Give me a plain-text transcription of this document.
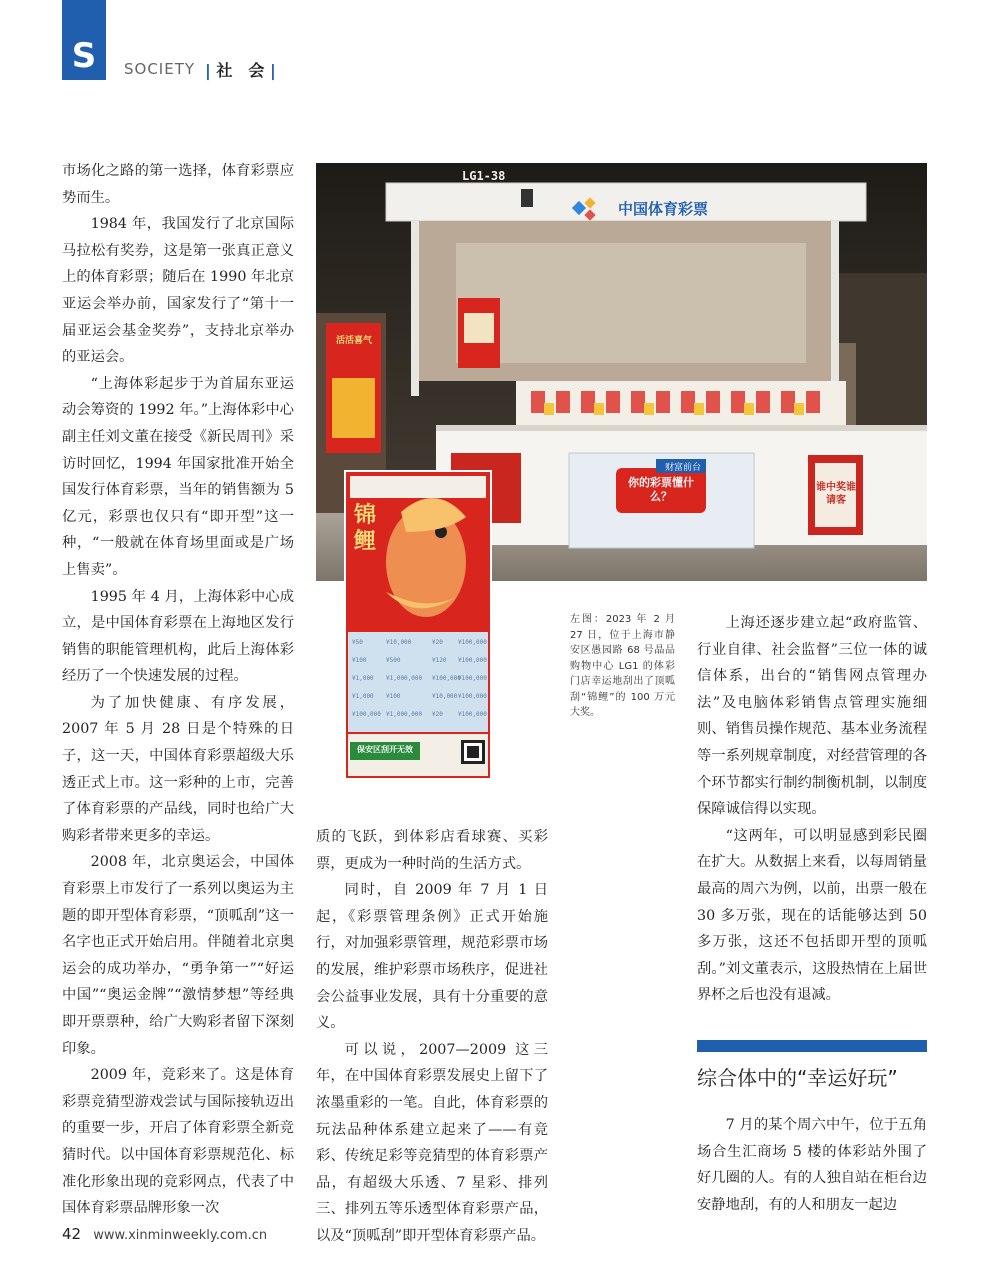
S SOCIETY | 社　会 |

市场化之路的第一选择，体育彩票应势而生。

1984 年，我国发行了北京国际马拉松有奖券，这是第一张真正意义上的体育彩票；随后在 1990 年北京亚运会举办前，国家发行了“第十一届亚运会基金奖券”，支持北京举办的亚运会。

“上海体彩起步于为首届东亚运动会筹资的 1992 年。”上海体彩中心副主任刘文董在接受《新民周刊》采访时回忆，1994 年国家批准开始全国发行体育彩票，当年的销售额为 5 亿元，彩票也仅只有“即开型”这一种，“一般就在体育场里面或是广场上售卖”。

1995 年 4 月，上海体彩中心成立，是中国体育彩票在上海地区发行销售的职能管理机构，此后上海体彩经历了一个快速发展的过程。

为了加快健康、有序发展，2007 年 5 月 28 日是个特殊的日子，这一天，中国体育彩票超级大乐透正式上市。这一彩种的上市，完善了体育彩票的产品线，同时也给广大购彩者带来更多的幸运。

2008 年，北京奥运会，中国体育彩票上市发行了一系列以奥运为主题的即开型体育彩票，“顶呱刮”这一名字也正式开始启用。伴随着北京奥运会的成功举办，“勇争第一”“好运中国”“奥运金牌”“激情梦想”等经典即开票票种，给广大购彩者留下深刻印象。

2009 年，竞彩来了。这是体育彩票竞猜型游戏尝试与国际接轨迈出的重要一步，开启了体育彩票全新竞猜时代。以中国体育彩票规范化、标准化形象出现的竞彩网点，代表了中国体育彩票品牌形象一次

LG1-38
中国体育彩票
活活喜气
财富前台
你的彩票懂什么？
谁中奖谁请客
¥50	¥10,000	¥20	¥100,000
¥100	¥500	¥120 ¥100,000
¥1,000 ¥1,000,000 ¥100,000
¥100,000
¥1,000 ¥100	¥10,000 ¥100,000
¥100,000 ¥1,000,000 ¥20	¥100,000
锦鲤
保安区刮开无效
左图：2023 年 2 月 27 日，位于上海市静安区愚园路 68 号晶品购物中心 LG1 的体彩门店幸运地刮出了顶呱刮“锦鲤”的 100 万元大奖。

质的飞跃，到体彩店看球赛、买彩票，更成为一种时尚的生活方式。

同时，自 2009 年 7 月 1 日起，《彩票管理条例》正式开始施行，对加强彩票管理，规范彩票市场的发展，维护彩票市场秩序，促进社会公益事业发展，具有十分重要的意义。

可以说，2007—2009 这三年，在中国体育彩票发展史上留下了浓墨重彩的一笔。自此，体育彩票的玩法品种体系建立起来了——有竞彩、传统足彩等竞猜型的体育彩票产品，有超级大乐透、7 星彩、排列三、排列五等乐透型体育彩票产品，以及“顶呱刮”即开型体育彩票产品。

上海还逐步建立起“政府监管、行业自律、社会监督”三位一体的诚信体系，出台的“销售网点管理办法”及电脑体彩销售点管理实施细则、销售员操作规范、基本业务流程等一系列规章制度，对经营管理的各个环节都实行制约制衡机制，以制度保障诚信得以实现。

“这两年，可以明显感到彩民圈在扩大。从数据上来看，以每周销量最高的周六为例，以前，出票一般在 30 多万张，现在的话能够达到 50 多万张，这还不包括即开型的顶呱刮。”刘文董表示，这股热情在上届世界杯之后也没有退减。

综合体中的“幸运好玩”

7 月的某个周六中午，位于五角场合生汇商场 5 楼的体彩站外围了好几圈的人。有的人独自站在柜台边安静地刮，有的人和朋友一起边

42 www.xinminweekly.com.cn
